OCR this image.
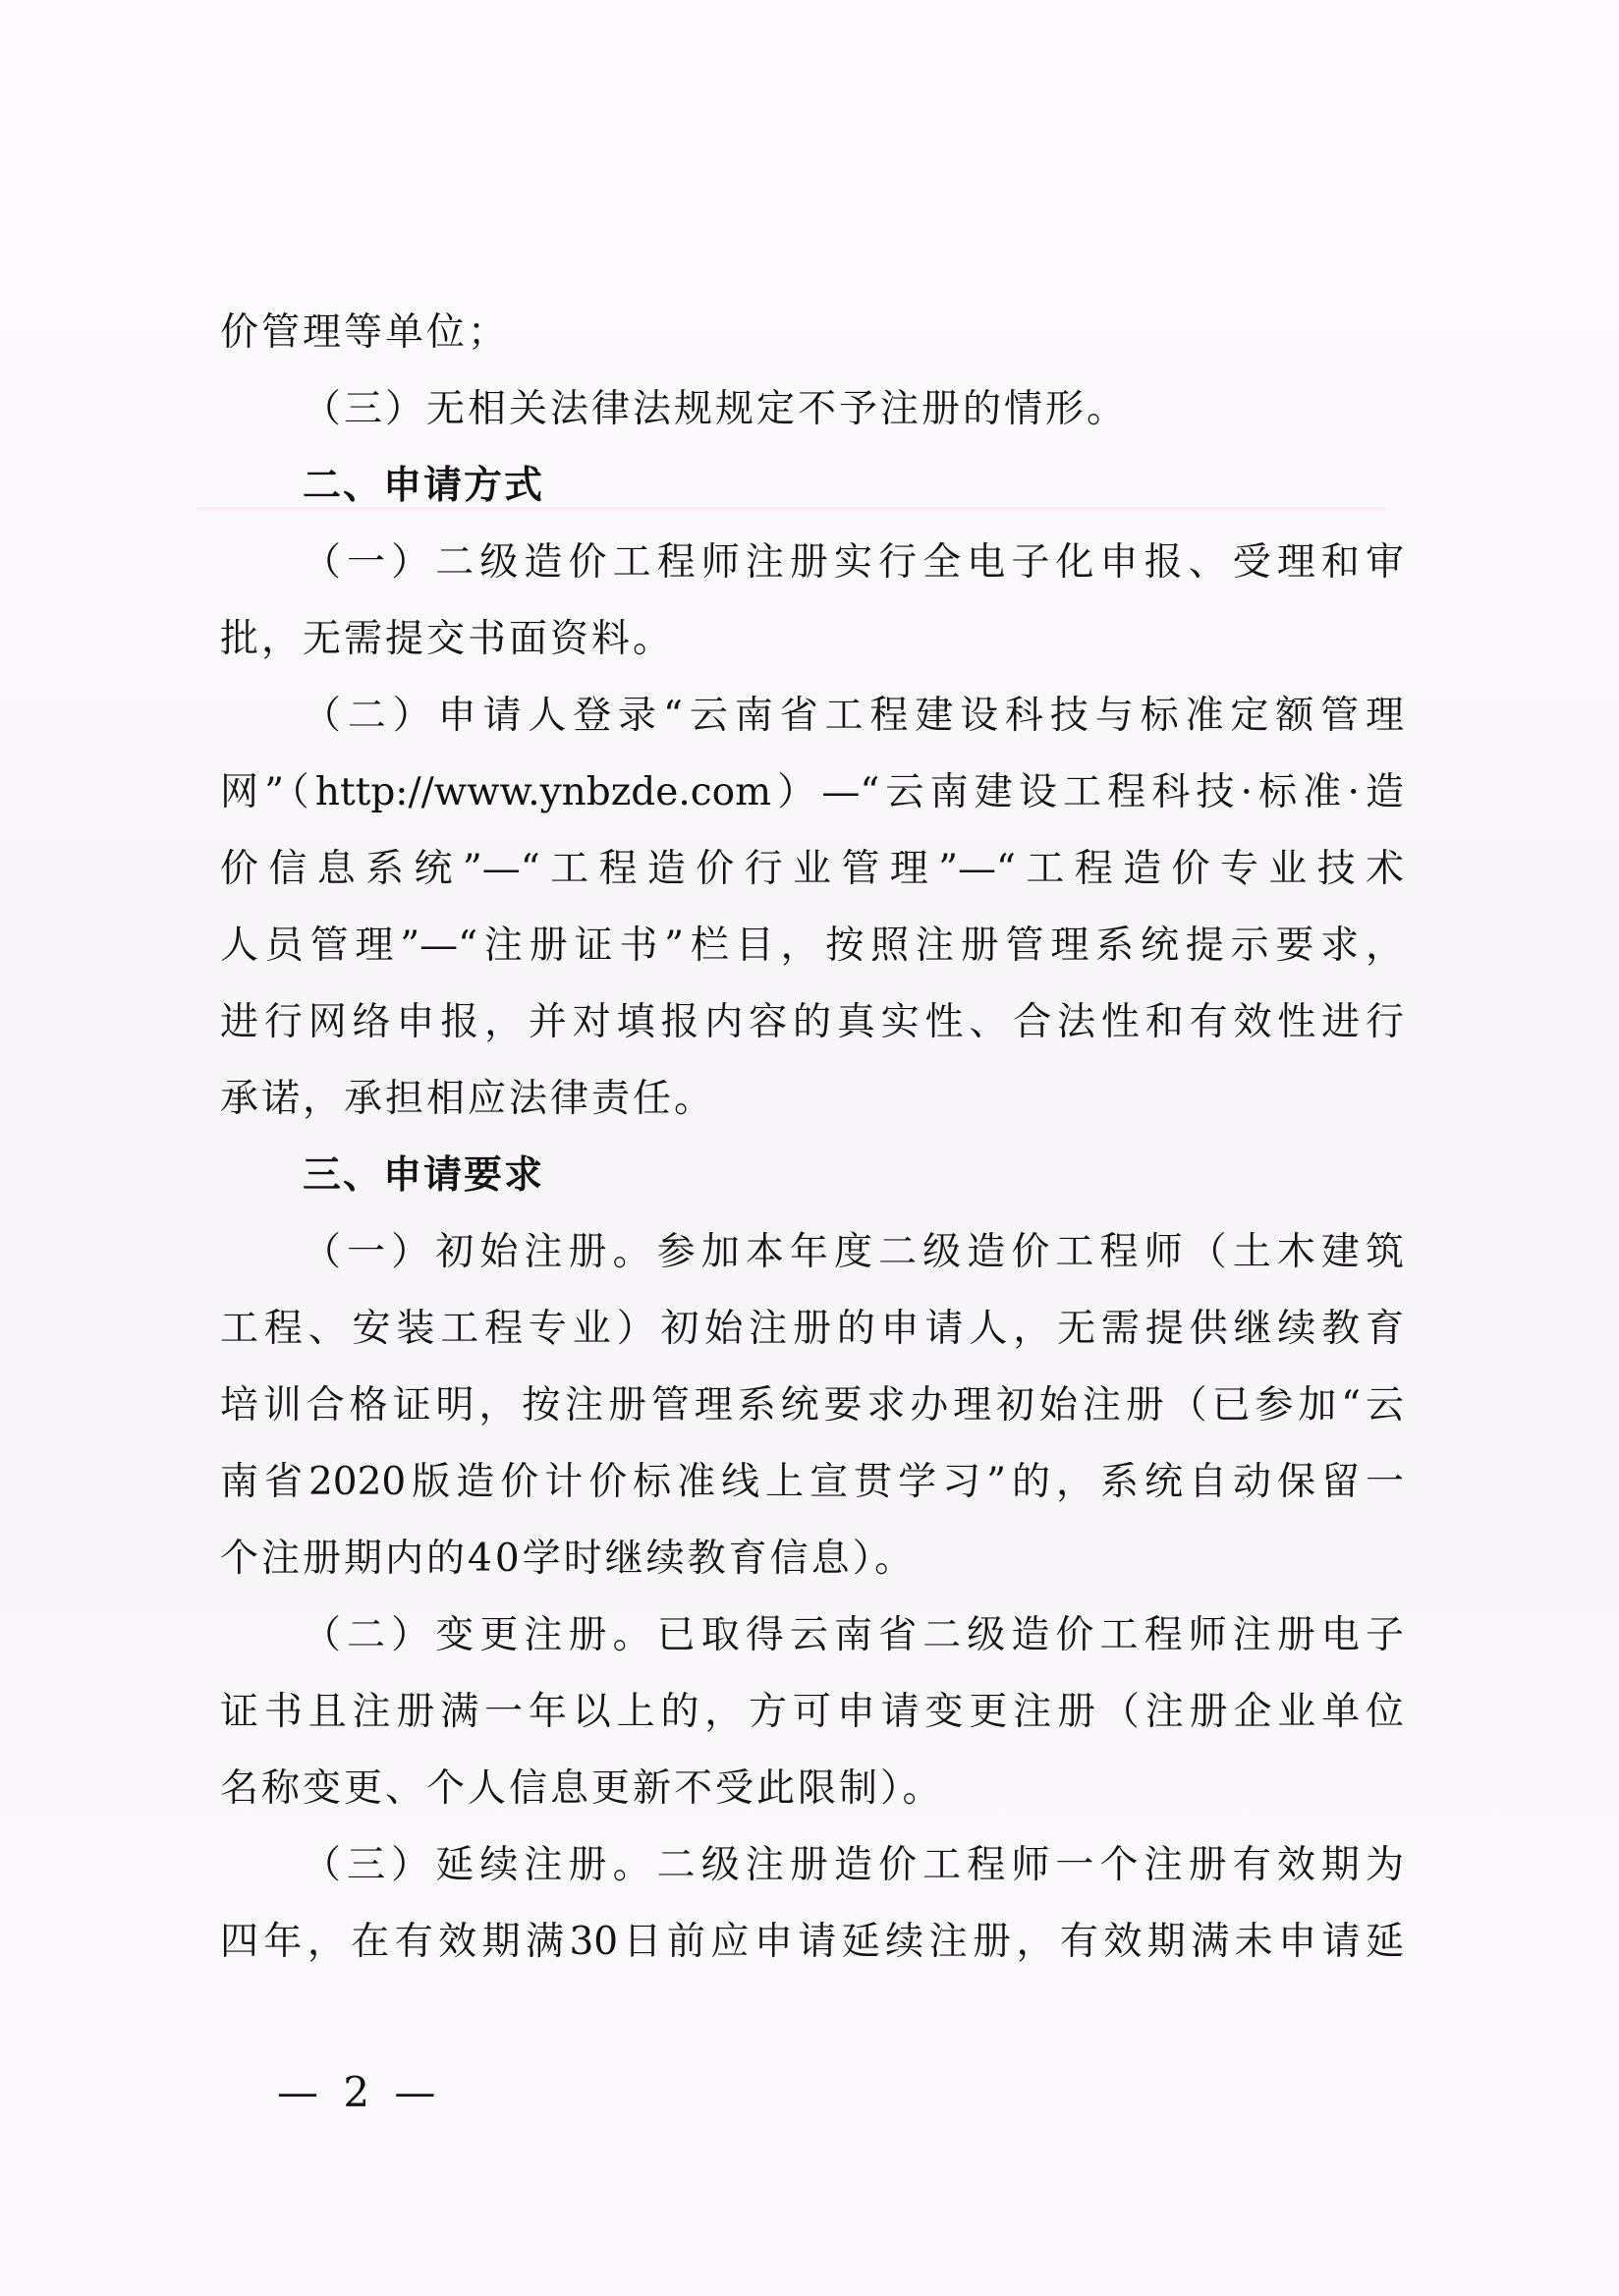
价管理等单位；
（三）无相关法律法规规定不予注册的情形。
二、申请方式
（一）二级造价工程师注册实行全电子化申报、受理和审
批，无需提交书面资料。
（二）申请人登录“云南省工程建设科技与标准定额管理
网”（http://www.ynbzde.com）—“云南建设工程科技·标准·造
价信息系统”—“工程造价行业管理”—“工程造价专业技术
人员管理”—“注册证书”栏目，按照注册管理系统提示要求，
进行网络申报，并对填报内容的真实性、合法性和有效性进行
承诺，承担相应法律责任。
三、申请要求
（一）初始注册。参加本年度二级造价工程师（土木建筑
工程、安装工程专业）初始注册的申请人，无需提供继续教育
培训合格证明，按注册管理系统要求办理初始注册（已参加“云
南省2020版造价计价标准线上宣贯学习”的，系统自动保留一
个注册期内的40学时继续教育信息）。
（二）变更注册。已取得云南省二级造价工程师注册电子
证书且注册满一年以上的，方可申请变更注册（注册企业单位
名称变更、个人信息更新不受此限制）。
（三）延续注册。二级注册造价工程师一个注册有效期为
四年，在有效期满30日前应申请延续注册，有效期满未申请延
— 2 —
